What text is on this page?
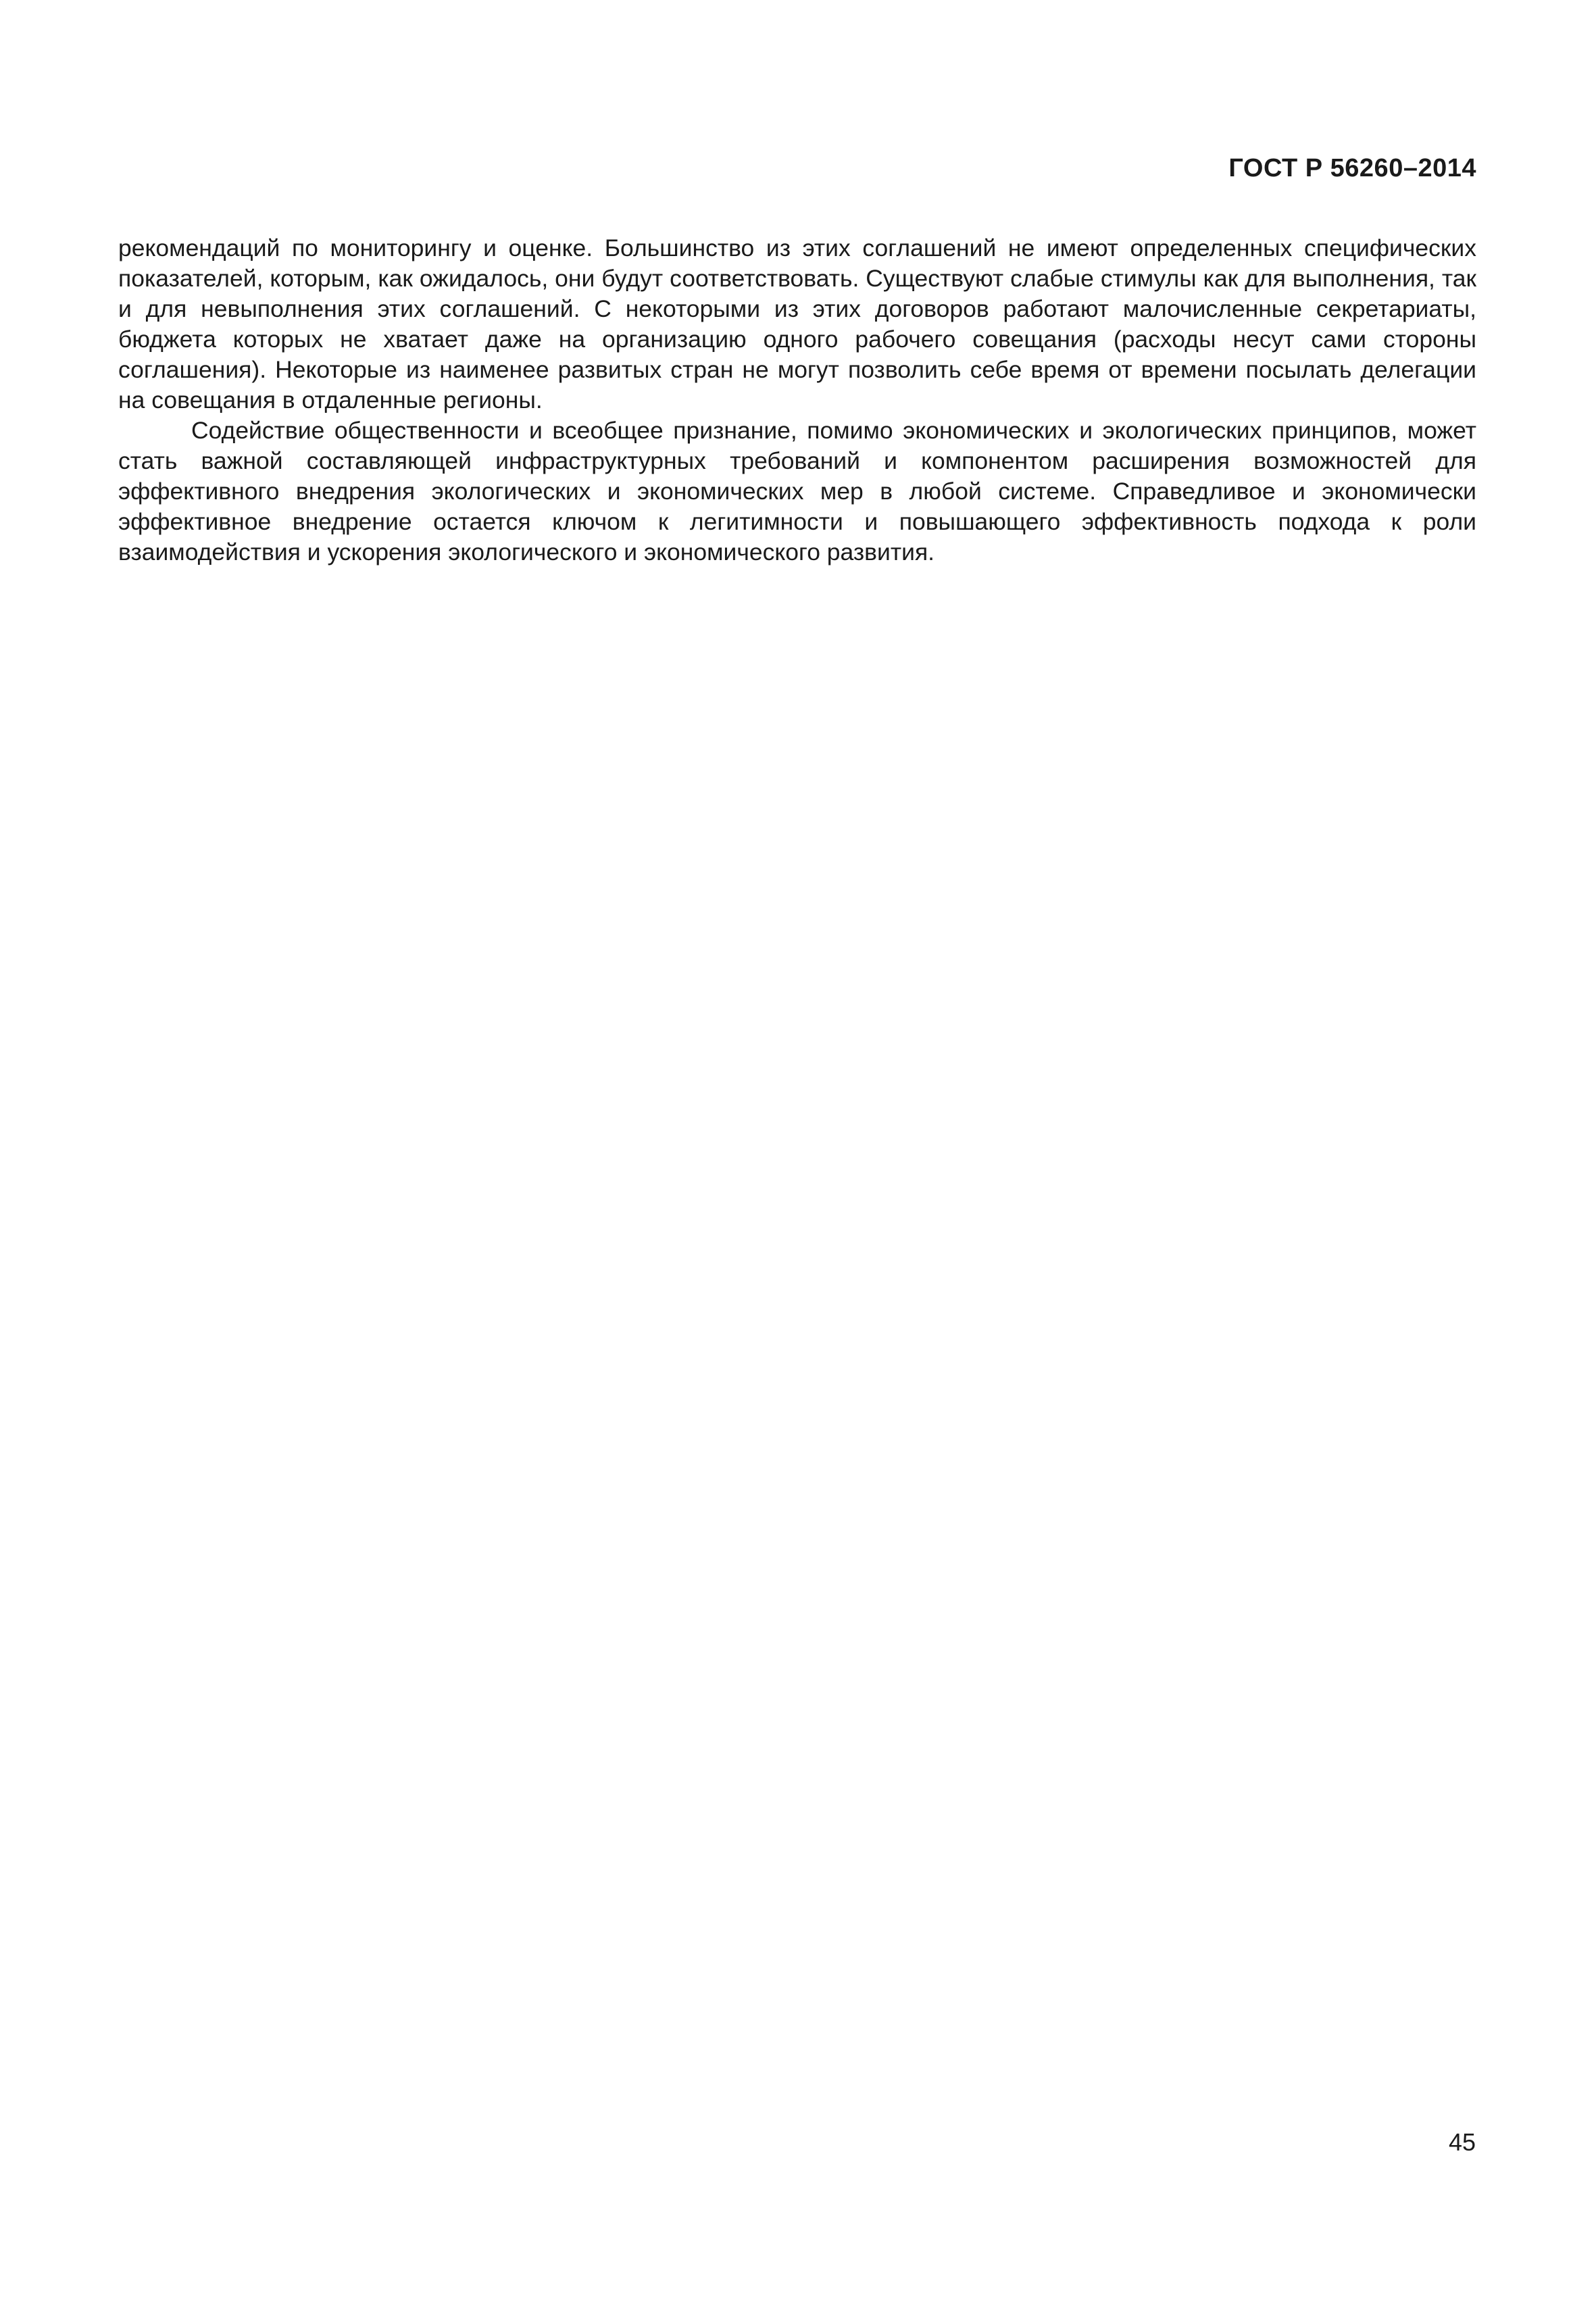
ГОСТ Р 56260–2014

рекомендаций по мониторингу и оценке. Большинство из этих соглашений не имеют определенных специфических показателей, которым, как ожидалось, они будут соответствовать. Существуют слабые стимулы как для выполнения, так и для невыполнения этих соглашений. С некоторыми из этих договоров работают малочисленные секретариаты, бюджета которых не хватает даже на организацию одного рабочего совещания (расходы несут сами стороны соглашения). Некоторые из наименее развитых стран не могут позволить себе время от времени посылать делегации на совещания в отдаленные регионы.

Содействие общественности и всеобщее признание, помимо экономических и экологических принципов, может стать важной составляющей инфраструктурных требований и компонентом расширения возможностей для эффективного внедрения экологических и экономических мер в любой системе. Справедливое и экономически эффективное внедрение остается ключом к легитимности и повышающего эффективность подхода к роли взаимодействия и ускорения экологического и экономического развития.

45
